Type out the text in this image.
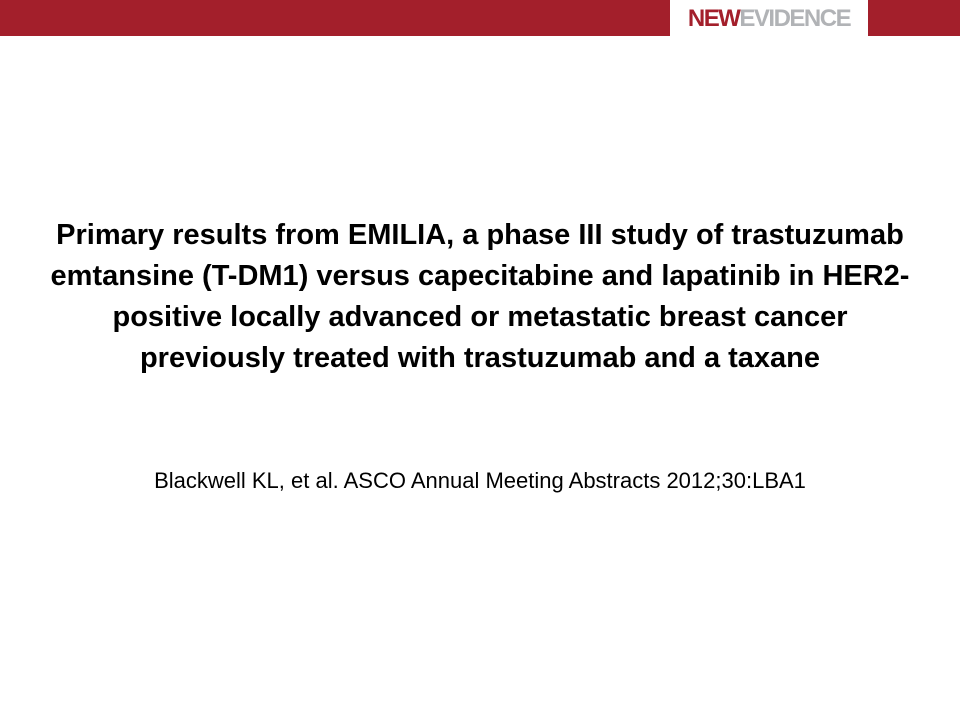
NEWEVIDENCE
Primary results from EMILIA, a phase III study of trastuzumab emtansine (T-DM1) versus capecitabine and lapatinib in HER2-positive locally advanced or metastatic breast cancer previously treated with trastuzumab and a taxane

Blackwell KL, et al. ASCO Annual Meeting Abstracts 2012;30:LBA1
